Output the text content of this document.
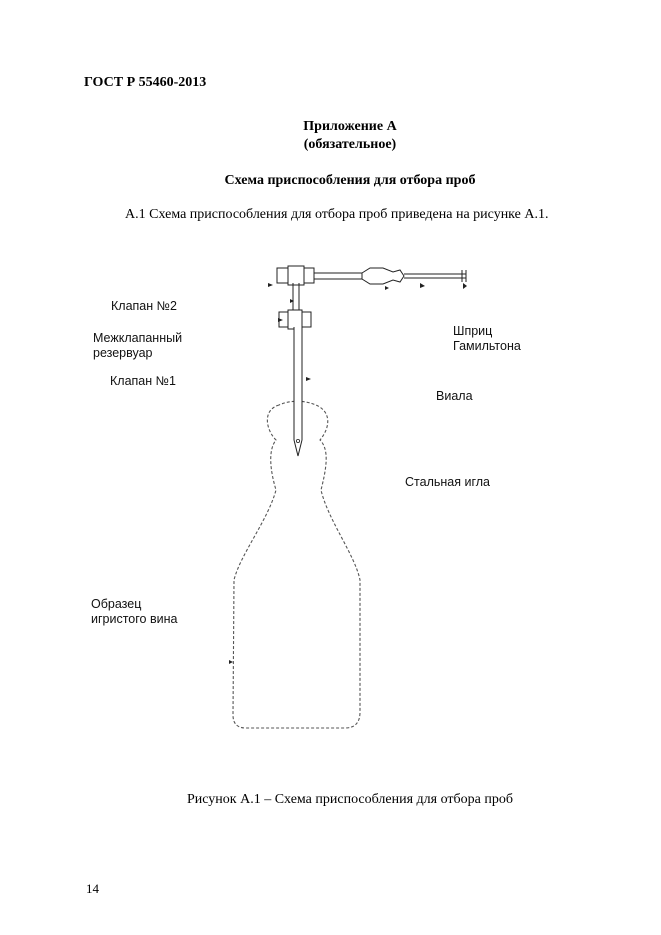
ГОСТ Р 55460-2013
Приложение А
(обязательное)
Схема приспособления для отбора проб
А.1 Схема приспособления для отбора проб приведена на рисунке А.1.
Клапан №2
Межклапанный
резервуар
Клапан №1
Шприц
Гамильтона
Виала
Стальная игла
Образец
игристого вина
Рисунок А.1 – Схема приспособления для отбора проб
14
